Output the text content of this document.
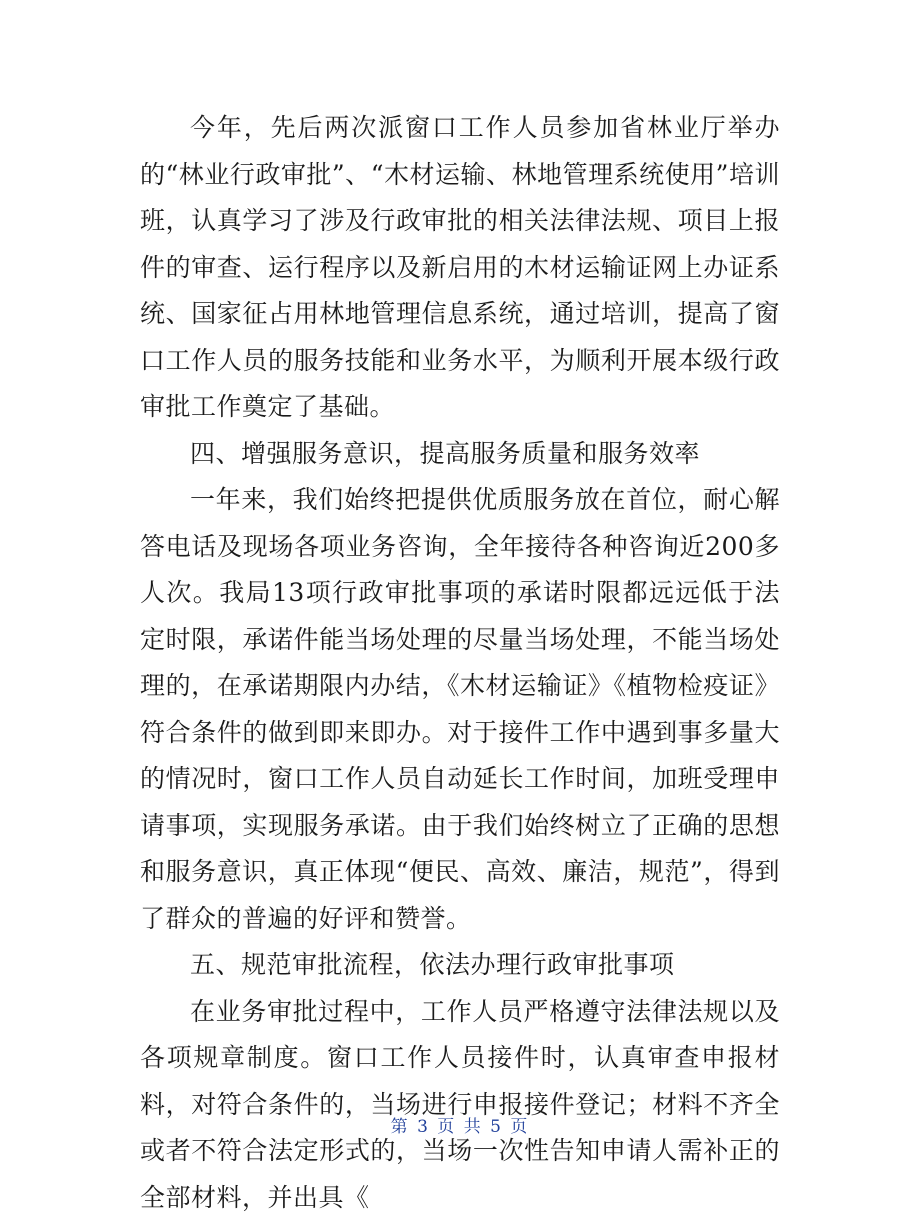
今年，先后两次派窗口工作人员参加省林业厅举办的“林业行政审批”、“木材运输、林地管理系统使用”培训班，认真学习了涉及行政审批的相关法律法规、项目上报件的审查、运行程序以及新启用的木材运输证网上办证系统、国家征占用林地管理信息系统，通过培训，提高了窗口工作人员的服务技能和业务水平，为顺利开展本级行政审批工作奠定了基础。

四、增强服务意识，提高服务质量和服务效率

一年来，我们始终把提供优质服务放在首位，耐心解答电话及现场各项业务咨询，全年接待各种咨询近200多人次。我局13项行政审批事项的承诺时限都远远低于法定时限，承诺件能当场处理的尽量当场处理，不能当场处理的，在承诺期限内办结，《木材运输证》《植物检疫证》符合条件的做到即来即办。对于接件工作中遇到事多量大的情况时，窗口工作人员自动延长工作时间，加班受理申请事项，实现服务承诺。由于我们始终树立了正确的思想和服务意识，真正体现“便民、高效、廉洁，规范”，得到了群众的普遍的好评和赞誉。

五、规范审批流程，依法办理行政审批事项

在业务审批过程中，工作人员严格遵守法律法规以及各项规章制度。窗口工作人员接件时，认真审查申报材料，对符合条件的，当场进行申报接件登记；材料不齐全或者不符合法定形式的，当场一次性告知申请人需补正的全部材料，并出具《

第 3 页 共 5 页
